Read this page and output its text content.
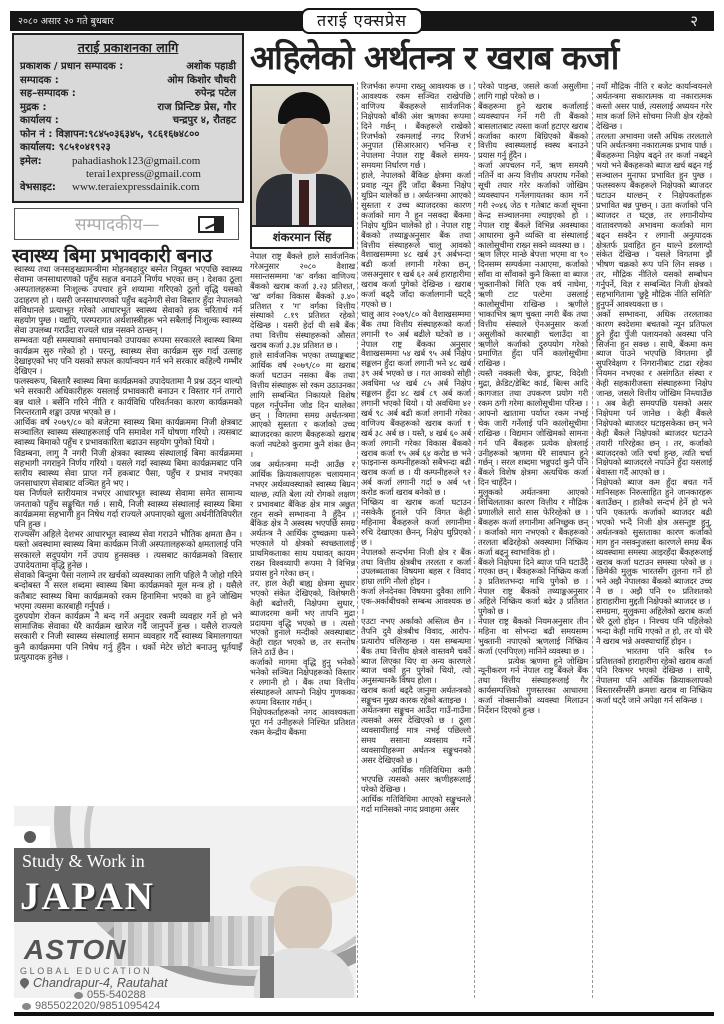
२०८० असार २० गते बुधबार	तराई एक्सप्रेस	२
तराई प्रकाशनका लागि
प्रकाशक / प्रधान सम्पादक :	अशोक पहाडी
सम्पादक :	ओम किशोर चौधरी
सह–सम्पादक :	रुपेन्द्र पटेल
मुद्रक :	राज प्रिन्टिङ प्रेस, गौर
कार्यालय :	चन्द्रपुर ४, रौतहट
फोन नं : विज्ञापन:९८४५०३६३४५, ९८६१६७४८००
कार्यालय: ९८५१०४१९२३
इमेल:	pahadiashok123@gmail.com
terai1express@gmail.com
वेभसाइट:	www.teraiexpressdainik.com
सम्पादकीय—
स्वास्थ्य बिमा प्रभावकारी बनाउ

स्वास्थ्य तथा जनसङ्ख्यामन्त्रीमा मोहनबहादुर बस्नेत नियुक्त भएपछि स्वास्थ्य सेवामा जनसाधारणको पहुँच सहज बनाउने निर्णय भएका छन् । देशका ठूला अस्पतालहरूमा निःशुल्क उपचार हुने शय्यामा गरिएको ठूलो वृद्धि यसको उदाहरण हो । यसरी जनसाधारणको पहुँच बढ्नेगरी सेवा विस्तार हुँदा नेपालको संविधानले प्रत्याभूत गरेको आधारभूत स्वास्थ्य सेवाको हक चरितार्थ गर्न सहयोग पुग्छ । यद्यपि, परम्परागत अर्थशास्त्रीहरू भने सबैलाई निःशुल्क स्वास्थ्य सेवा उपलब्ध गराउँदा राज्यले धान्न नसक्ने ठान्छन् ।

सम्भवतः यही समस्याको समाधानको उपायका रूपमा सरकारले स्वास्थ्य बिमा कार्यक्रम सुरु गरेको हो । परन्तु, स्वास्थ्य सेवा कार्यक्रम सुरु गर्दा उत्साह देखाइएको भए पनि यसको सफल कार्यान्वयन गर्न भने सरकार कहिल्यै गम्भीर देखिएन ।

फलस्वरूप, बिस्तारै स्वास्थ्य बिमा कार्यक्रमको उपादेयतामा नै प्रश्न उठ्न थाल्यो भने सरकारी अधिकारीहरू यसलाई प्रभावकारी बनाउन र विस्तार गर्न तगारो बन्न थाले । बर्सेनि गरिने नीति र कार्यविधि परिवर्तनका कारण कार्यक्रमको निरन्तरतामै शङ्का उत्पन्न भएको छ ।

आर्थिक वर्ष २०७९/८० को बजेटमा स्वास्थ्य बिमा कार्यक्रममा निजी क्षेत्रबाट सञ्चालित स्वास्थ्य संस्थाहरूलाई पनि समावेश गर्ने घोषणा गरियो । त्यसबाट स्वास्थ्य बिमाको पहुँच र प्रभावकारिता बढाउन सहयोग पुगेको थियो ।

विडम्बना, लागु नै नगरी निजी क्षेत्रका स्वास्थ्य संस्थालाई बिमा कार्यक्रममा सहभागी नगराइने निर्णय गरियो । यसले गर्दा स्वास्थ्य बिमा कार्यक्रमबाट पनि स्तरीय स्वास्थ्य सेवा प्राप्त गर्ने हकबाट पैसा, पहुँच र प्रभाव नभएका जनसाधारण सेवाबाट वञ्चित हुने भए ।

यस निर्णयले स्तरीयमात्र नभएर आधारभूत स्वास्थ्य सेवामा समेत सामान्य जनताको पहुँच सङ्कुचित गर्छ । साथै, निजी स्वास्थ्य संस्थालाई स्वास्थ्य बिमा कार्यक्रममा सहभागी हुन निषेध गर्दा राज्यले अपनाएको खुला अर्थनीतिविपरीत पनि हुन्छ ।

राज्यसँग अहिले देशभर आधारभूत स्वास्थ्य सेवा गराउने भौतिक क्षमता छैन । यस्तो अवस्थामा स्वास्थ्य बिमा कार्यक्रम निजी अस्पतालहरूको क्षमतालाई पनि सरकारले सदुपयोग गर्ने उपाय हुनसक्छ । त्यसबाट कार्यक्रमको विस्तार उपादेयतामा वृद्धि हुनेछ ।

सेवाको बिन्दुमा पैसा नलाग्ने तर खर्चको व्यवस्थाका लागि पहिले नै जोहो गरिने बन्दोबस्त नै सरल शब्दमा स्वास्थ्य बिमा कार्यक्रमको मूल मन्त्र हो । यसैले कतैबाट स्वास्थ्य बिमा कार्यक्रमको रकम हिनामिना भएको वा हुने जोखिम भएमा त्यसमा कारबाही गर्नुपर्छ ।

दुरुपयोग रोकन कार्यक्रम नै बन्द गर्ने अनुदार रकमी व्यवहार गर्ने हो भने सामाजिक सेवाका धेरै कार्यक्रम खारेज गर्दै जानुपर्ने हुन्छ । यसैले राज्यले सरकारी र निजी स्वास्थ्य संस्थालाई समान व्यवहार गर्दै स्वास्थ्य बिमालगायत कुनै कार्यक्रममा पनि निषेध गर्नु हुँदैन । धर्को मेटेर छोटो बनाउनु धूर्तयाइँ प्रत्युत्पादक हुनेछ ।

अहिलेको अर्थतन्त्र र खराब कर्जा
शंकरमान सिंह

नेपाल राष्ट्र बैंकले हाले सार्वजनिक गरेअनुसार २०८० वैशाख मसान्तसम्ममा 'क' वर्गका वाणिज्य बैंकको खराब कर्जा ३.२३ प्रतिशत, 'ख' वर्गका विकास बैंकको ३.४० प्रतिशत र 'ग' वर्गका वित्तीय संस्थाको ८.१९ प्रतिशत रहेको देखिन्छ । यसरी हेर्दा यी सबै बैंक तथा वित्तीय संस्थाहरूको औसत खराब कर्जा ३.३४ प्रतिशत छ ।

हाले सार्वजनिक भएका तथ्याङ्कबाट आर्थिक वर्ष २०७९/८० मा खराब कर्जा घटाउन नसका बैंक तथा वित्तीय संस्थाहरू सो रकम उठाउनका लागि सम्बन्धित निकायले विशेष पहल गर्नुपर्नेमा जोड दिन थालेका छन् । विगतमा समग्र अर्थतन्त्रमा आएको सुस्तता र कर्जाको उच्च ब्याजदरका कारण बैंकहरूको खराब कर्जा नघटेको कुरामा कुनै शंका छैन ।

जब अर्थतन्त्रमा मन्दी आउँछ र आर्थिक क्रियाकलापहरू चलायमान नभएर अर्थव्यवस्थाको स्वास्थ्य बिग्रन थाल्छ, त्यति बेला त्यो रोगको लक्षण र प्रभावबाट बैंकिङ क्षेत्र मात्र अछुत रहन सक्ने सम्भावना नै हुँदैन । बैंकिङ क्षेत्र नै अस्वस्थ भएपछि समग्र अर्थतन्त्र नै आर्थिक दुष्चक्रमा फस्ने भएकाले यो क्षेत्रको स्वच्छतालाई प्राथमिकताका साथ यथावत् कायम राख्न विश्वव्यापी रूपमा नै विभिन्न प्रयास हुने गरेका छन् ।

तर, हाल केही बाह्य क्षेत्रमा सुधार भएको संकेत देखिएको, विशेषगरी केही बढोत्तरी, निक्षेपमा सुधार, ब्याजदरमा कमी भए तापनि मुद्रा प्रदायमा वृद्धि भएको छ । त्यसो भएको हुनाले मन्दीको अवस्थाबाट केही राहत भएको छ, तर सन्तोष लिने ठाउँ छैन ।

कर्जाको मागमा वृद्धि हुनु भनेको भनेको सञ्चित निक्षेपहरूको विस्तार र लगानी हो । बैंक तथा वित्तीय संस्थाहरूले आफ्नो निक्षेप गुणकका रूपमा विस्तार गर्छन् ।

निक्षेपकर्ताहरूको नगद आवश्यकता पूरा गर्न उनीहरूले निश्चित प्रतिशत रकम केन्द्रीय बैंकमा

रिजर्भका रूपमा राख्नु आवश्यक छ । आवश्यक रकम सञ्चित राखेपछि वाणिज्य बैंकहरूले सार्वजनिक निक्षेपको बाँकी अंश ऋणका रूपमा दिने गर्छन् । बैंकहरूले राखेको रिजर्भको रकमलाई नगद रिजर्भ अनुपात (सिआरआर) भनिन्छ र नेपालमा नेपाल राष्ट्र बैंकले समय-समयमा निर्धारण गर्छ ।

हाले, नेपालको बैंकिङ क्षेत्रमा कर्जा प्रवाह न्यून हुँदै जाँदा बैंकमा निक्षेप थुप्रिन थालेको छ । अर्थतन्त्रमा आएको सुस्तता र उच्च ब्याजदरका कारण कर्जाको माग नै हुन नसक्दा बैंकमा निक्षेप थुप्रिन थालेको हो । नेपाल राष्ट्र बैंकको तथ्याङ्कअनुसार बैंक तथा वित्तीय संस्थाहरूले चालु आवको वैशाखसम्ममा ४८ खर्ब ३९ अर्बभन्दा बढी कर्जा लगानी गरेका छन्, जसअनुसार १ खर्ब ६२ अर्ब हाराहारीमा खराब कर्जा पुगेको देखिन्छ । खराब कर्जा बढ्दै जाँदा कर्जालगानी घट्दै गएको छ ।

चालु आव २०७९/८० को वैशाखसम्ममा बैंक तथा वित्तीय संस्थाहरूको कर्जा लगानी १० अर्ब बढीले घटेको छ । नेपाल राष्ट्र बैंकका अनुसार वैशाखसम्ममा ५४ खर्ब ९५ अर्ब निक्षेप सङ्कलन हुँदा कर्जा लगानी भने ४८ खर्ब ३९ अर्ब भएको छ । गत आवको सोही अवधिमा ५४ खर्ब ८५ अर्ब निक्षेप सङ्कलन हुँदा ४८ खर्ब ८९ अर्ब कर्जा लगानी भएको थियो । यो अवधिमा ४२ खर्ब ९८ अर्ब बढी कर्जा लगानी गरेका वाणिज्य बैंकहरूको खराब कर्जा १ खर्ब ३८ अर्ब छ । यस्तै, ४ खर्ब ६० अर्ब कर्जा लगानी गरेका विकास बैंकको खराब कर्जा १५ अर्ब ६४ करोड छ भने फाइनान्स कम्पनीहरूको सबैभन्दा बढी खराब कर्जा छ । यी कम्पनीहरूले ९२ अर्ब कर्जा लगानी गर्दा ७ अर्ब ५१ करोड कर्जा खराब बनेको छ ।

निष्क्रिय वा खराब कर्जा घटाउन नसकेकै हुनाले पनि विगत केही महिनामा बैंकहरूले कर्जा लगानीमा रुचि देखाएका छैनन्, निक्षेप थुप्रिएको छ ।

नेपालको सन्दर्भमा निजी क्षेत्र र बैंक तथा वित्तीय क्षेत्रबीच तरलता र कर्जा उपलब्धताका विषयमा बहस र विवाद हाम्रा लागि नौलो होइन ।

कर्जा लेनदेनका विषयमा दुवैका लागि एक-अर्काबीचको सम्बन्ध आवश्यक छ ।

एउटा नभए अर्काको अस्तित्व छैन । तैपनि दुवै क्षेत्रबीच विवाद, आरोप-प्रत्यारोप चलिरहन्छ । यस सम्बन्धमा बैंक तथा वित्तीय क्षेत्रले वास्तवमै चर्को ब्याज लिएका थिए वा अन्य कारणले ब्याज चर्को हुन पुगेको थियो, त्यो अनुसन्धानकै विषय होला ।

खराब कर्जा बढ्दै जानुमा अर्थतन्त्रको सङ्कुचन मुख्य कारक रहेको बताइन्छ ।

अर्थतन्त्रमा सङ्कुचन आउँदा गाउँ-गाउँमा त्यसको असर देखिएको छ । ठूला व्यवसायीलाई मात्र नभई पछिल्लो समय ससाना व्यवसाय गर्ने व्यवसायीहरूमा अर्थतन्त्र सङ्कुचनको असर देखिएको छ ।

आर्थिक गतिविधिमा कमी भएपछि त्यसको असर ऋणीहरूलाई परेको देखिन्छ ।

आर्थिक गतिविधिमा आएको सङ्कुचनले गर्दा मानिसको नगद प्रवाहमा असर

परेको पाइन्छ, जसले कर्जा असुलीमा लागि गाह्रो परेको छ ।

बैंकहरूमा हुने खराब कर्जालाई व्यवस्थापन गर्ने गरी ती बैंकको बासलातबाट त्यस्ता कर्जा हटाएर खराब कर्जाका कारण बिग्रिएको बैंकको वित्तीय स्वास्थ्यलाई स्वस्थ बनाउने प्रयास गर्नु हुँदैन ।

कर्जा अपचलन गर्ने, ऋण समयमै नतिर्ने वा अन्य वित्तीय अपराध गर्नेको सूची तयार गरेर कर्जाको जोखिम व्यवस्थापन गर्नेलगायतका काम गर्ने गरी २०४६ जेठ १ गतेबाट कर्जा सूचना केन्द्र सञ्चालनमा ल्याइएको हो । नेपाल राष्ट्र बैंकले विभिन्न अवस्थाका आधारमा कुनै व्यक्ति वा संस्थालाई कालोसूचीमा राख्न सक्ने व्यवस्था छ ।

ऋण लिएर मान्छे बेपत्ता भएमा वा ९० दिनसम्म सम्पर्कमा नआएमा, कर्जाको साँवा वा साँवाको कुनै किस्ता वा ब्याज भुक्तानीको मिति एक वर्ष नाघेमा, ऋणी टाट पल्टेमा उसलाई कालोसूचीमा राखिन्छ । ऋणीले भाकाभित्र ऋण चुक्ता नगरी बैंक तथा वित्तीय संस्थाले ऐनअनुसार कर्जा असुलीको कारबाही चलाउँदा वा ऋणीले कर्जाको दुरुपयोग गरेको प्रमाणित हुँदा पनि कालोसूचीमा राखिन्छ ।

त्यस्तै नक्कली चेक, ड्राफ्ट, विदेशी मुद्रा, क्रेडिट/डेबिट कार्ड, बिल्स आदि कागजात तथा उपकरण प्रयोग गरी रकम ठगी गरेमा कालोसूचीमा परिन्छ । आफ्नो खातामा पर्याप्त रकम नभई चेक जारी गर्नेलाई पनि कालोसूचीमा राखिन्छ । विद्यमान जोखिमको सामना गर्न पनि बैंकहरू प्रत्येक क्षेत्रलाई उनीहरूको ऋणमा धेरै सावधान हुने गर्छन् । सरल शब्दमा भन्नुपर्दा कुनै पनि बैंकले विशेष क्षेत्रमा अत्यधिक कर्जा दिन चाहँदैन ।

मुलुकको अर्थतन्त्रमा आएको शिथिलताका कारण वित्तीय र मौद्रिक प्रणालीले सारो सास फेरिरहेको छ । बैंकहरू कर्जा लगानीमा अनिच्छुक छन् । कर्जाको माग नभएको र बैंकहरूको तरलता बढिरहेको अवस्थामा निष्क्रिय कर्जा बढ्नु स्वाभाविक हो ।

बैंकले निक्षेपमा दिने ब्याज पनि घटाउँदै गएका छन् । बैंकहरूको निष्क्रिय कर्जा ३ प्रतिशतभन्दा माथि पुगेको छ । नेपाल राष्ट्र बैंकको तथ्याङ्कअनुसार अहिले निष्क्रिय कर्जा बढेर ३ प्रतिशत पुगेको छ ।

नेपाल राष्ट्र बैंकको नियमअनुसार तीन महिना वा सोभन्दा बढी समयसम्म भुक्तानी नपाएको ऋणलाई निष्क्रिय कर्जा (एनपिएल) मानिने व्यवस्था छ ।

प्रत्येक ऋणमा हुने जोखिम न्यूनीकरण गर्न नेपाल राष्ट्र बैंकले बैंक तथा वित्तीय संस्थाहरूलाई गैर कार्यसम्पत्तिको गुणस्तरका आधारमा कर्जा नोक्सानीको व्यवस्था मिलाउन निर्देशन दिएको हुन्छ ।

नयाँ मौद्रिक नीति र बजेट कार्यान्वयनले अर्थतन्त्रमा सकारात्मक वा नकारात्मक कस्तो असर पार्छ, त्यसलाई अध्ययन गरेर मात्र कर्जा लिने सोचमा निजी क्षेत्र रहेको देखिन्छ ।

तरलता अभावमा जस्तै अधिक तरलताले पनि अर्थतन्त्रमा नकारात्मक प्रभाव पार्छ । बैंकहरूमा निक्षेप बढ्ने तर कर्जा नबढ्ने भयो भने बैंकहरूको ब्याज खर्च बढ्न गई सञ्चालन मुनाफा प्रभावित हुन पुग्छ । फलस्वरूप बैंकहरूले निक्षेपको ब्याजदर घटाउन थाल्छन् र निक्षेपकर्ताहरू प्रभावित बन्न पुग्छन् । उता कर्जाको पनि ब्याजदर त घट्छ, तर लगानीयोग्य वातावरणको अभावमा कर्जाको माग बढ्न सक्दैन र लगानी अनुत्पादक क्षेत्रतर्फ प्रवाहित हुन थाल्ने डरलाग्दो संकेत देखिन्छ । यसले विगतमा झैं भीषण चक्रको रूप पनि लिन सक्छ । तर, मौद्रिक नीतिले यसको सम्बोधन गर्नुपर्ने, विज्ञ र सम्बन्धित निजी क्षेत्रको सहभागितामा 'छुट्टै मौद्रिक नीति समिति' हुनुपर्ने आवश्यकता छ ।

अर्को सम्भावना, अधिक तरलताका कारण स्वदेशमा बचतको न्यून प्रतिफल हुने हुँदा पुँजी पलायनको अवस्था पनि सिर्जना हुन सक्छ । साथै, बैंकमा कम ब्याज पाउने भएपछि विगतमा झैं सुपरिवेक्षण र निगरानीबाट टाढा रहेका नियमन नभएका र असंगठित संस्था र केही सहकारीजस्ता संस्थाहरूमा निक्षेप जान्छ, जसले वित्तीय जोखिम निम्त्याउँछ । अब केही समयपछि यसको असर निक्षेपमा पर्न जानेछ । केही बैंकले निक्षेपको ब्याजदर घटाइसकेका छन् भने केही बैंकले निक्षेपको ब्याजदर घटाउने तयारी गरिरहेका छन् । तर, कर्जाको ब्याजदरको जति चर्चा हुन्छ, त्यति चर्चा निक्षेपको ब्याजदरले नपाउने हुँदा यसलाई बेवास्ता गर्दै आएको छ ।

निक्षेपको ब्याज कम हुँदा बचत गर्ने मानिसहरू निरुत्साहित हुने जानकारहरू बताउँछन् । हालैको सन्दर्भ हेर्ने हो भने पनि एकातर्फ कर्जाको ब्याजदर बढी भएको भन्दै निजी क्षेत्र असन्तुष्ट हुनु, अर्थतन्त्रको सुस्तताका कारण कर्जाको माग हुन नसक्नुजस्ता कारणले समग्र बैंक व्यवस्थामा समस्या आइरहँदा बैंकहरूलाई खराब कर्जा घटाउन समस्या परेको छ । छिमेकी मुलुक भारतसँग तुलना गर्ने हो भने अझै नेपालका बैंकको ब्याजदर उच्च नै छ । अझै पनि १० प्रतिशतको हाराहारीमा मुद्दती निक्षेपको ब्याजदर छ ।

समग्रमा, मुलुकमा अहिलेको खराब कर्जा धेरै ठूलो होइन । निश्चय पनि पहिलेको भन्दा केही माथि गएको त हो, तर यो धेरै नै खराब भन्ने अवस्थाचाहिँ होइन ।

भारतमा पनि करिब १० प्रतिशतको हाराहारीमा रहेको खराब कर्जा पनि रिकभर भएको देखिन्छ । साथै, नेपालमा पनि आर्थिक क्रियाकलापको विस्तारसँगसँगै क्रमशः खराब वा निष्क्रिय कर्जा घट्दै जाने अपेक्षा गर्न सकिन्छ ।

Study & Work in
JAPAN
ASTON
GLOBAL EDUCATION
Chandrapur-4, Rautahat
055-540288
9855022020/9851095424
